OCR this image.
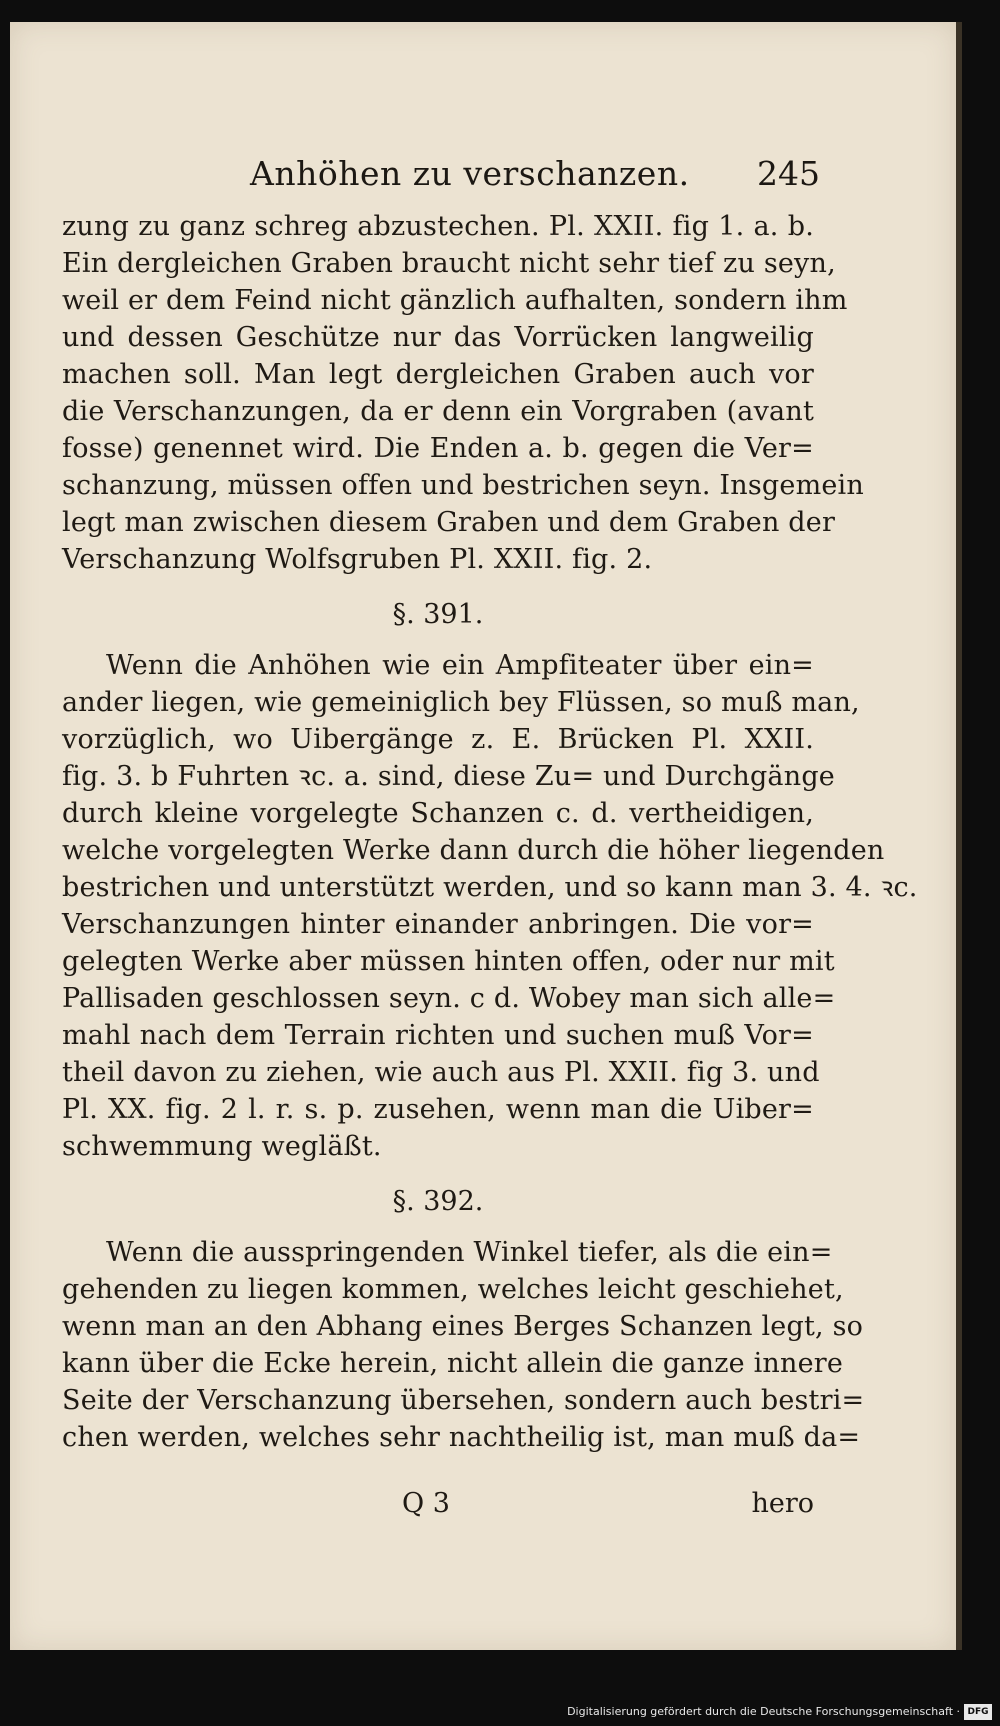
Anhöhen zu verschanzen. 245
zung zu ganz schreg abzustechen. Pl. XXII. fig 1. a. b.
Ein dergleichen Graben braucht nicht sehr tief zu seyn,
weil er dem Feind nicht gänzlich aufhalten, sondern ihm
und dessen Geschütze nur das Vorrücken langweilig
machen soll. Man legt dergleichen Graben auch vor
die Verschanzungen, da er denn ein Vorgraben (avant
fosse) genennet wird. Die Enden a. b. gegen die Ver=
schanzung, müssen offen und bestrichen seyn. Insgemein
legt man zwischen diesem Graben und dem Graben der
Verschanzung Wolfsgruben Pl. XXII. fig. 2.
§. 391.
Wenn die Anhöhen wie ein Ampfiteater über ein=
ander liegen, wie gemeiniglich bey Flüssen, so muß man,
vorzüglich, wo Uibergänge z. E. Brücken Pl. XXII.
fig. 3. b Fuhrten ꝛc. a. sind, diese Zu= und Durchgänge
durch kleine vorgelegte Schanzen c. d. vertheidigen,
welche vorgelegten Werke dann durch die höher liegenden
bestrichen und unterstützt werden, und so kann man 3. 4. ꝛc.
Verschanzungen hinter einander anbringen. Die vor=
gelegten Werke aber müssen hinten offen, oder nur mit
Pallisaden geschlossen seyn. c d. Wobey man sich alle=
mahl nach dem Terrain richten und suchen muß Vor=
theil davon zu ziehen, wie auch aus Pl. XXII. fig 3. und
Pl. XX. fig. 2 l. r. s. p. zusehen, wenn man die Uiber=
schwemmung wegläßt.
§. 392.
Wenn die ausspringenden Winkel tiefer, als die ein=
gehenden zu liegen kommen, welches leicht geschiehet,
wenn man an den Abhang eines Berges Schanzen legt, so
kann über die Ecke herein, nicht allein die ganze innere
Seite der Verschanzung übersehen, sondern auch bestri=
chen werden, welches sehr nachtheilig ist, man muß da=
Q 3	hero
Digitalisierung gefördert durch die Deutsche Forschungsgemeinschaft · DFG
